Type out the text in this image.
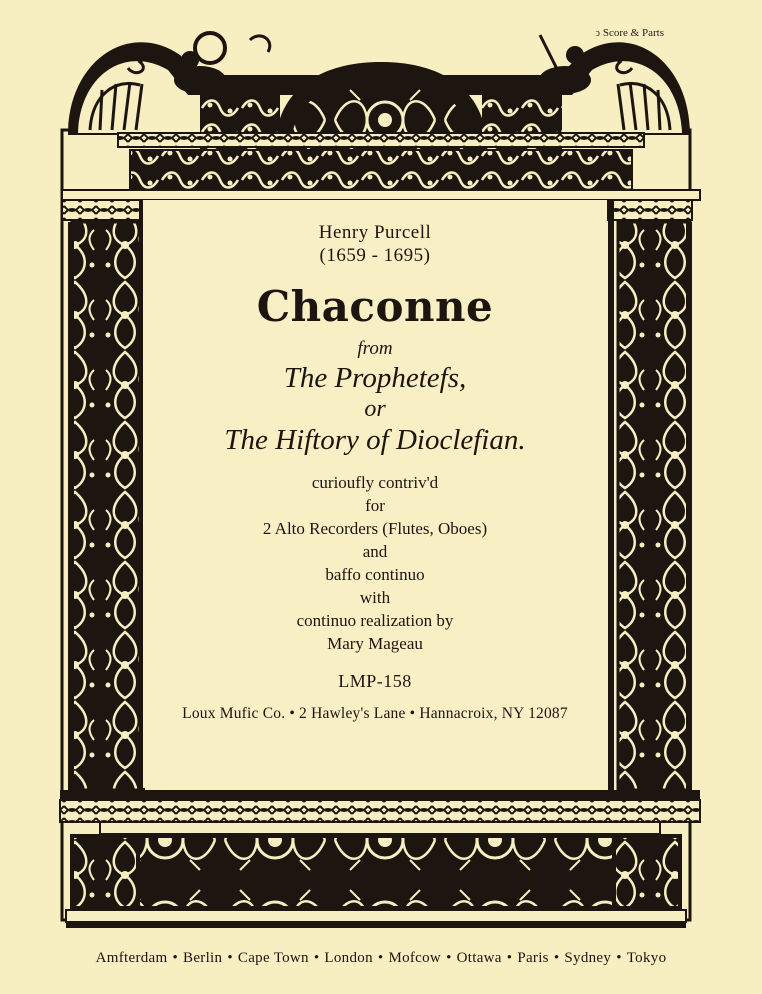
ↄ Score & Parts
Henry Purcell
(1659 - 1695)
Chaconne
from
The Prophetefs,
or
The Hiftory of Dioclefian.
curioufly contriv'd
for
2 Alto Recorders (Flutes, Oboes)
and
baffo continuo
with
continuo realization by
Mary Mageau
LMP-158
Loux Mufic Co. • 2 Hawley's Lane • Hannacroix, NY 12087
Amfterdam • Berlin • Cape Town • London • Mofcow • Ottawa • Paris • Sydney • Tokyo
